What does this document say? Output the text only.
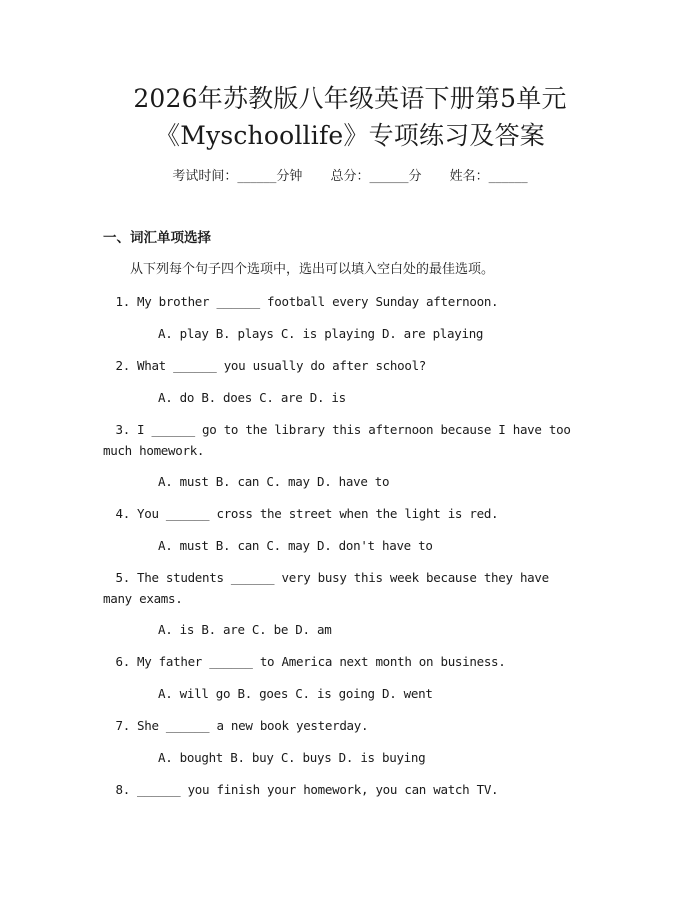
2026年苏教版八年级英语下册第5单元
《Myschoollife》专项练习及答案
考试时间：______分钟 总分：______分 姓名：______
一、词汇单项选择
从下列每个句子四个选项中，选出可以填入空白处的最佳选项。
1. My brother ______ football every Sunday afternoon.
A. play B. plays C. is playing D. are playing
2. What ______ you usually do after school?
A. do B. does C. are D. is
3. I ______ go to the library this afternoon because I have too much homework.
A. must B. can C. may D. have to
4. You ______ cross the street when the light is red.
A. must B. can C. may D. don't have to
5. The students ______ very busy this week because they have many exams.
A. is B. are C. be D. am
6. My father ______ to America next month on business.
A. will go B. goes C. is going D. went
7. She ______ a new book yesterday.
A. bought B. buy C. buys D. is buying
8. ______ you finish your homework, you can watch TV.
